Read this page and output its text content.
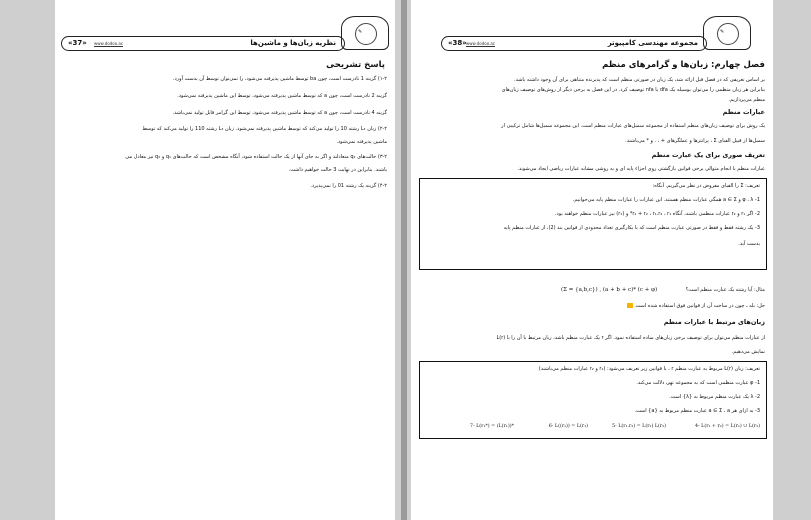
✎
نظریه زبان‌ها و ماشین‌ها
www.dodoo.ac
«37»
پاسخ تشریحی
۱-۲) گزینه 1 نادرست است، چون ba توسط ماشین پذیرفته می‌شود، را نمی‌توان توسط آن بدست آورد.
گزینه 2 نادرست است، چون a که توسط ماشین پذیرفته می‌شود، توسط این ماشین پذیرفته نمی‌شود.
گزینه 4 نادرست است، چون a که توسط ماشین پذیرفته می‌شود، توسط این گرامر قابل تولید نمی‌باشد.
۲-۲) زبان L₁ رشته 10 را تولید می‌کند که توسط ماشین پذیرفته نمی‌شود. زبان L₃ رشته 110 را تولید می‌کند که توسط
ماشین پذیرفته نمی‌شود.
۳-۲) حالت‌های q₂ متعادلند و اگر به جای آنها از یک حالت استفاده شود، آنگاه مشخص است که حالت‌های q₁ و q₅ نیز معادل می
باشند. بنابراین در نهایت 3 حالت خواهیم داشت.
۴-۲) گزینه یک رشته 01 را نمی‌پذیرد.
✎
مجموعه مهندسی کامپیوتر
www.dodoo.ac
«38»
فصل چهارم: زبان‌ها و گرامرهای منظم
بر اساس تعریفی که در فصل قبل ارائه شد، یک زبان در صورتی منظم است که پذیرنده متناهی برای آن وجود داشته باشد.
بنابراین هر زبان منظمی را می‌توان بوسیله یک dfa یا nfa توصیف کرد. در این فصل به برخی دیگر از روش‌های توصیف زبان‌های
منظم می‌پردازیم.
عبارات منظم
یک روش برای توصیف زبان‌های منظم استفاده از مجموعه سمبل‌های عبارات منظم است. این مجموعه سمبل‌ها شامل ترکیبی از
سمبل‌ها از قبیل الفبای Σ ، پرانتزها و عملگرهای + ، . و * می‌باشند.
تعریف صوری برای یک عبارت منظم
عبارات منظم با انجام متوالی برخی قوانین بازگشتی روی اجزاء پایه ای و به روشی مشابه عبارات ریاضی ایجاد می‌شوند.
تعریف: Σ را الفبای مفروض در نظر می‌گیریم. آنگاه:
1- φ ، λ و a ∈ Σ همگی عبارات منظم هستند. این عبارات را عبارات منظم پایه می‌خوانیم.
2- اگر r₁ و r₂ عبارات منظمی باشند، آنگاه r₁ + r₂ ، r₁.r₂ ، r₁* و (r₁) نیز عبارات منظم خواهند بود.
3- یک رشته فقط و فقط در صورتی عبارت منظم است که با بکارگیری تعداد محدودی از قوانین بند (2)، از عبارات منظم پایه
بدست آید.
مثال: آیا رشته یک عبارت منظم است؟
(Σ = {a,b,c}) , (a + b + c)* (c + φ)
حل: بله ـ چون در ساخت آن از قوانین فوق استفاده شده است.
زبان‌های مرتبط با عبارات منظم
از عبارات منظم می‌توان برای توصیف برخی زبان‌های ساده استفاده نمود. اگر r یک عبارت منظم باشد، زبان مرتبط با آن را با L(r)
نمایش می‌دهیم.
تعریف: زبان L(r) مربوط به عبارت منظم r ، با قوانین زیر تعریف می‌شود: (r₁ و r₂ عبارات منظم می‌باشند)
1- φ عبارت منظمی است که به مجموعه تهی دلالت می‌کند.
2- λ یک عبارت منظم مربوط به {λ} است.
3- به ازای هر a ∈ Σ ، a عبارت منظم مربوط به {a} است.
4- L(r₁ + r₂) = L(r₁) ∪ L(r₂)
5- L(r₁.r₂) = L(r₁) L(r₂)
6- L((r₁)) = L(r₁)
7- L(r₁*) = (L(r₁))*
